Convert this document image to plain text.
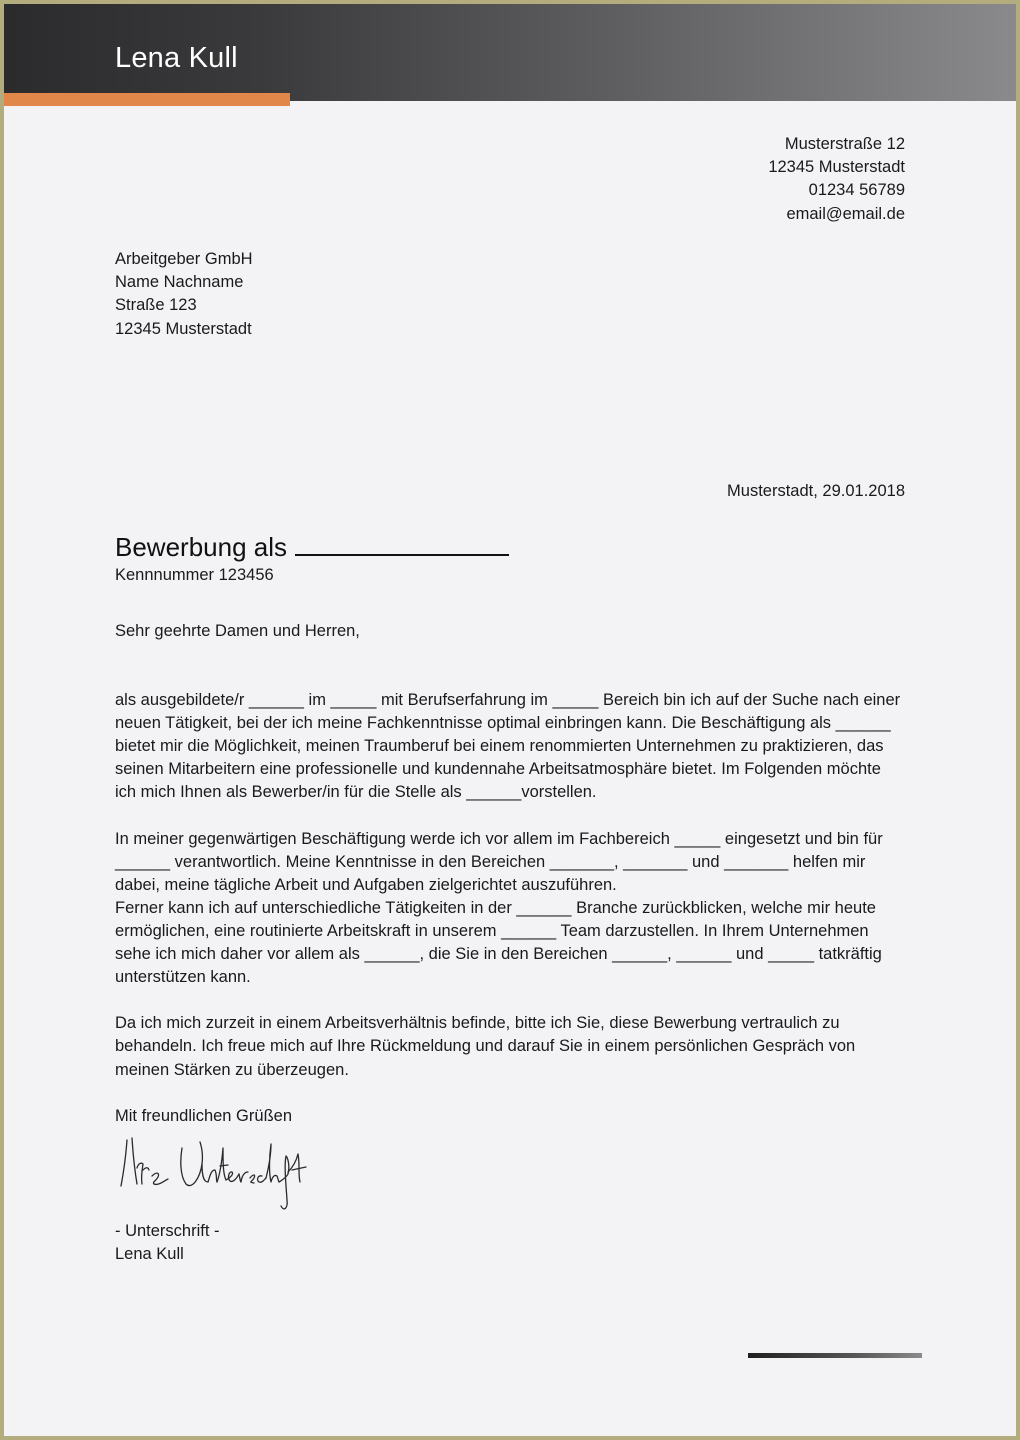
Lena Kull
Musterstraße 12
12345 Musterstadt
01234 56789
email@email.de
Arbeitgeber GmbH
Name Nachname
Straße 123
12345 Musterstadt
Musterstadt, 29.01.2018
Bewerbung als
Kennnummer 123456
Sehr geehrte Damen und Herren,

als ausgebildete/r ______ im _____ mit Berufserfahrung im _____ Bereich bin ich auf der Suche nach einer neuen Tätigkeit, bei der ich meine Fachkenntnisse optimal einbringen kann. Die Beschäftigung als ______ bietet mir die Möglichkeit, meinen Traumberuf bei einem renommierten Unternehmen zu praktizieren, das seinen Mitarbeitern eine professionelle und kundennahe Arbeitsatmosphäre bietet. Im Folgenden möchte ich mich Ihnen als Bewerber/in für die Stelle als ______vorstellen.

In meiner gegenwärtigen Beschäftigung werde ich vor allem im Fachbereich _____ eingesetzt und bin für ______ verantwortlich. Meine Kenntnisse in den Bereichen _______, _______ und _______ helfen mir dabei, meine tägliche Arbeit und Aufgaben zielgerichtet auszuführen.

Ferner kann ich auf unterschiedliche Tätigkeiten in der ______ Branche zurückblicken, welche mir heute ermöglichen, eine routinierte Arbeitskraft in unserem ______ Team darzustellen. In Ihrem Unternehmen sehe ich mich daher vor allem als ______, die Sie in den Bereichen ______, ______ und _____ tatkräftig unterstützen kann.

Da ich mich zurzeit in einem Arbeitsverhältnis befinde, bitte ich Sie, diese Bewerbung vertraulich zu behandeln. Ich freue mich auf Ihre Rückmeldung und darauf Sie in einem persönlichen Gespräch von meinen Stärken zu überzeugen.

Mit freundlichen Grüßen
- Unterschrift -
Lena Kull
